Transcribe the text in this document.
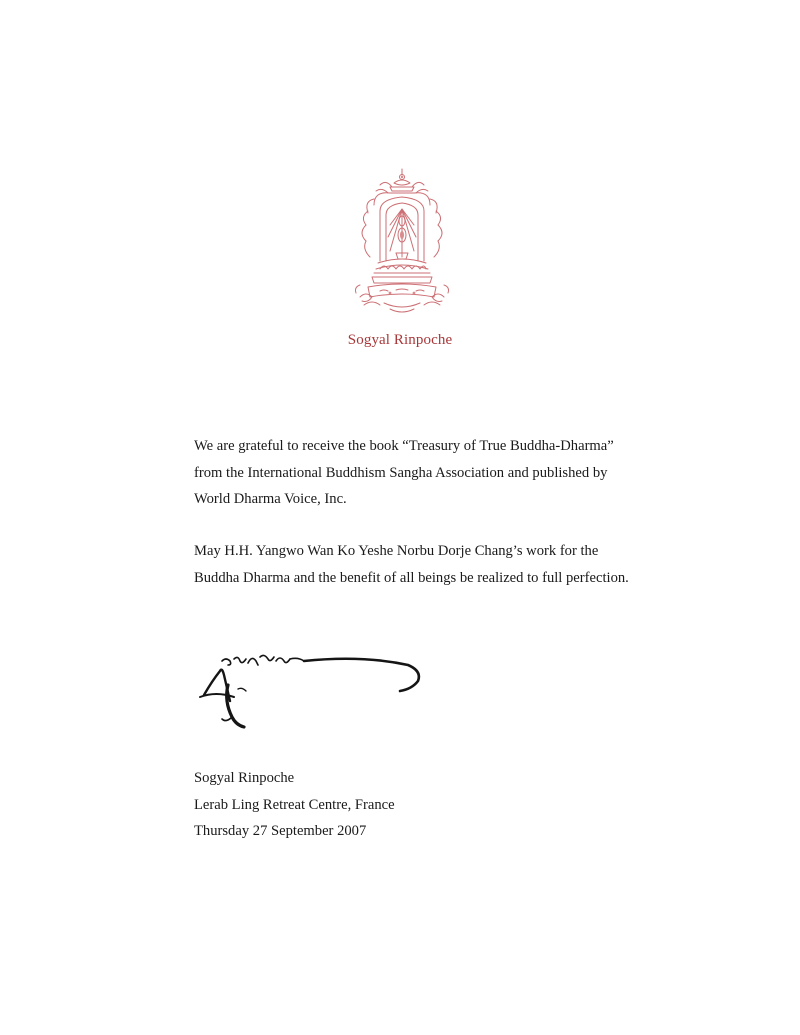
Sogyal Rinpoche
We are grateful to receive the book “Treasury of True Buddha-Dharma” from the International Buddhism Sangha Association and published by World Dharma Voice, Inc.
May H.H. Yangwo Wan Ko Yeshe Norbu Dorje Chang’s work for the Buddha Dharma and the benefit of all beings be realized to full perfection.
Sogyal Rinpoche
Lerab Ling Retreat Centre, France
Thursday 27 September 2007
